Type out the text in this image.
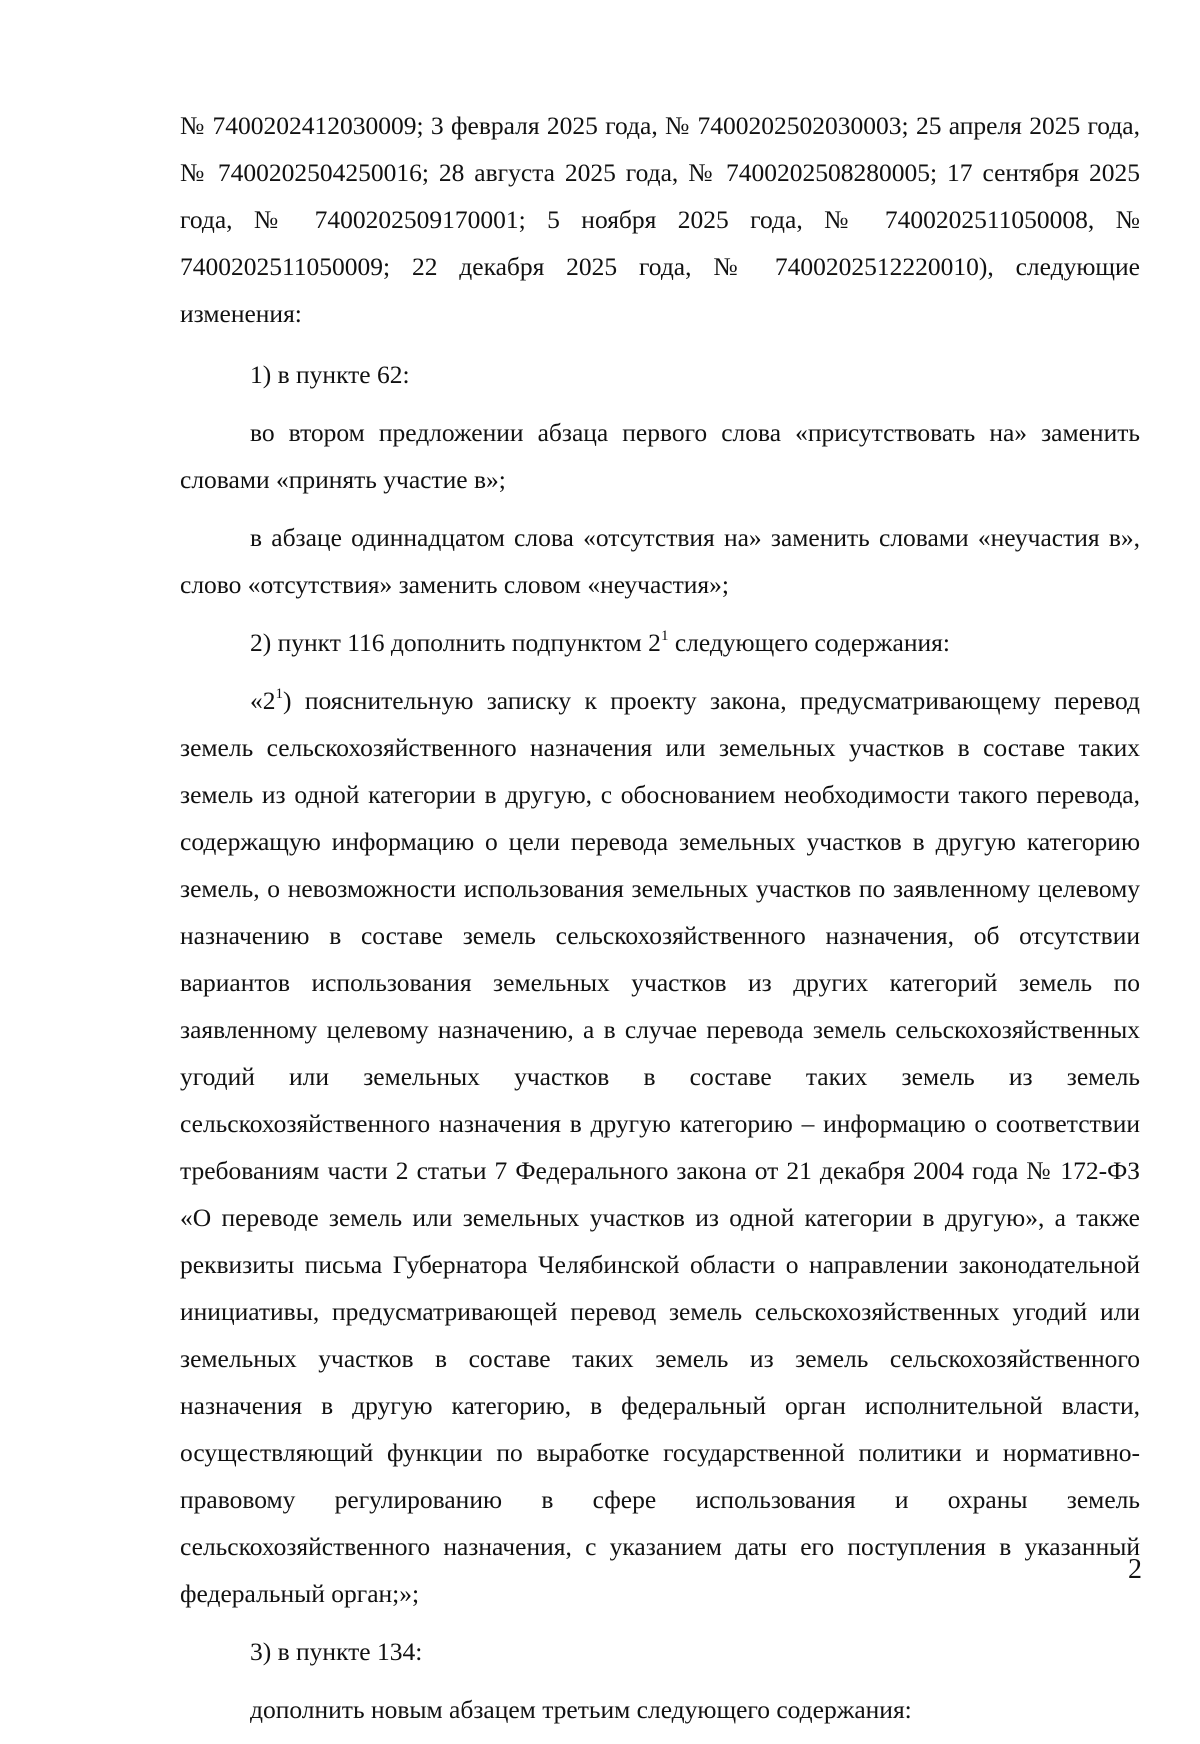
№ 7400202412030009; 3 февраля 2025 года, № 7400202502030003; 25 апреля 2025 года, № 7400202504250016; 28 августа 2025 года, № 7400202508280005; 17 сентября 2025 года, № 7400202509170001; 5 ноября 2025 года, № 7400202511050008, № 7400202511050009; 22 декабря 2025 года, № 7400202512220010), следующие изменения:

1) в пункте 62:

во втором предложении абзаца первого слова «присутствовать на» заменить словами «принять участие в»;

в абзаце одиннадцатом слова «отсутствия на» заменить словами «неучастия в», слово «отсутствия» заменить словом «неучастия»;

2) пункт 116 дополнить подпунктом $2^1$ следующего содержания:

«$2^1$) пояснительную записку к проекту закона, предусматривающему перевод земель сельскохозяйственного назначения или земельных участков в составе таких земель из одной категории в другую, с обоснованием необходимости такого перевода, содержащую информацию о цели перевода земельных участков в другую категорию земель, о невозможности использования земельных участков по заявленному целевому назначению в составе земель сельскохозяйственного назначения, об отсутствии вариантов использования земельных участков из других категорий земель по заявленному целевому назначению, а в случае перевода земель сельскохозяйственных угодий или земельных участков в составе таких земель из земель сельскохозяйственного назначения в другую категорию – информацию о соответствии требованиям части 2 статьи 7 Федерального закона от 21 декабря 2004 года № 172-ФЗ «О переводе земель или земельных участков из одной категории в другую», а также реквизиты письма Губернатора Челябинской области о направлении законодательной инициативы, предусматривающей перевод земель сельскохозяйственных угодий или земельных участков в составе таких земель из земель сельскохозяйственного назначения в другую категорию, в федеральный орган исполнительной власти, осуществляющий функции по выработке государственной политики и нормативно-правовому регулированию в сфере использования и охраны земель сельскохозяйственного назначения, с указанием даты его поступления в указанный федеральный орган;»;

3) в пункте 134:

дополнить новым абзацем третьим следующего содержания:

2
